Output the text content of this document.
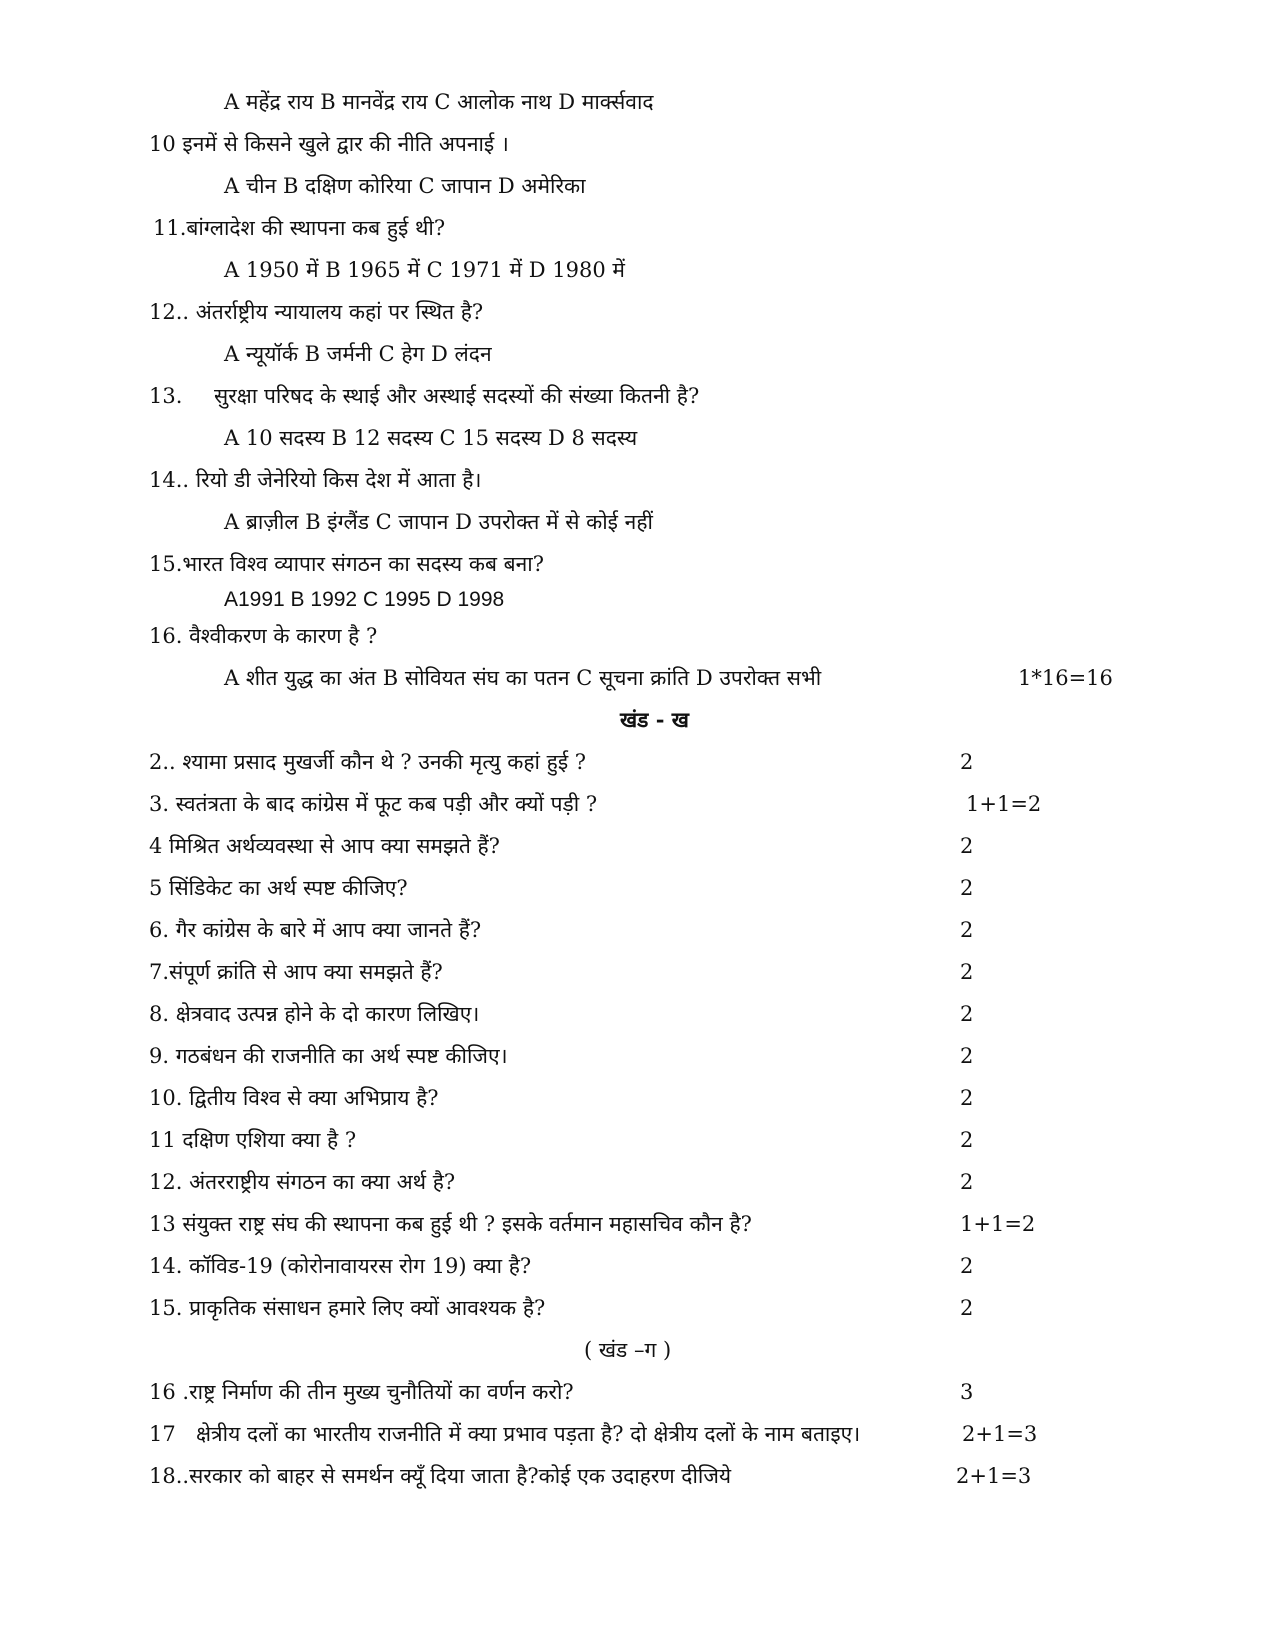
A महेंद्र राय B मानवेंद्र राय C आलोक नाथ D मार्क्सवाद
10 इनमें से किसने खुले द्वार की नीति अपनाई ।
A चीन B दक्षिण कोरिया C जापान D अमेरिका
11.बांग्लादेश की स्थापना कब हुई थी?
A 1950 में B 1965 में C 1971 में D 1980 में
12.. अंतर्राष्ट्रीय न्यायालय कहां पर स्थित है?
A न्यूयॉर्क B जर्मनी C हेग D लंदन
13. सुरक्षा परिषद के स्थाई और अस्थाई सदस्यों की संख्या कितनी है?
A 10 सदस्य B 12 सदस्य C 15 सदस्य D 8 सदस्य
14.. रियो डी जेनेरियो किस देश में आता है।
A ब्राज़ील B इंग्लैंड C जापान D उपरोक्त में से कोई नहीं
15.भारत विश्व व्यापार संगठन का सदस्य कब बना?
A1991 B 1992 C 1995 D 1998
16. वैश्वीकरण के कारण है ?
A शीत युद्ध का अंत B सोवियत संघ का पतन C सूचना क्रांति D उपरोक्त सभी	1*16=16
खंड - ख
2.. श्यामा प्रसाद मुखर्जी कौन थे ? उनकी मृत्यु कहां हुई ?	2
3. स्वतंत्रता के बाद कांग्रेस में फूट कब पड़ी और क्यों पड़ी ?	1+1=2
4 मिश्रित अर्थव्यवस्था से आप क्या समझते हैं?	2
5 सिंडिकेट का अर्थ स्पष्ट कीजिए?	2
6. गैर कांग्रेस के बारे में आप क्या जानते हैं?	2
7.संपूर्ण क्रांति से आप क्या समझते हैं?	2
8. क्षेत्रवाद उत्पन्न होने के दो कारण लिखिए।	2
9. गठबंधन की राजनीति का अर्थ स्पष्ट कीजिए।	2
10. द्वितीय विश्व से क्या अभिप्राय है?	2
11 दक्षिण एशिया क्या है ?	2
12. अंतरराष्ट्रीय संगठन का क्या अर्थ है?	2
13 संयुक्त राष्ट्र संघ की स्थापना कब हुई थी ? इसके वर्तमान महासचिव कौन है?	1+1=2
14. कॉविड-19 (कोरोनावायरस रोग 19) क्या है?	2
15. प्राकृतिक संसाधन हमारे लिए क्यों आवश्यक है?	2
( खंड –ग )
16 .राष्ट्र निर्माण की तीन मुख्य चुनौतियों का वर्णन करो?	3
17 क्षेत्रीय दलों का भारतीय राजनीति में क्या प्रभाव पड़ता है? दो क्षेत्रीय दलों के नाम बताइए।	2+1=3
18..सरकार को बाहर से समर्थन क्यूँ दिया जाता है?कोई एक उदाहरण दीजिये	2+1=3
